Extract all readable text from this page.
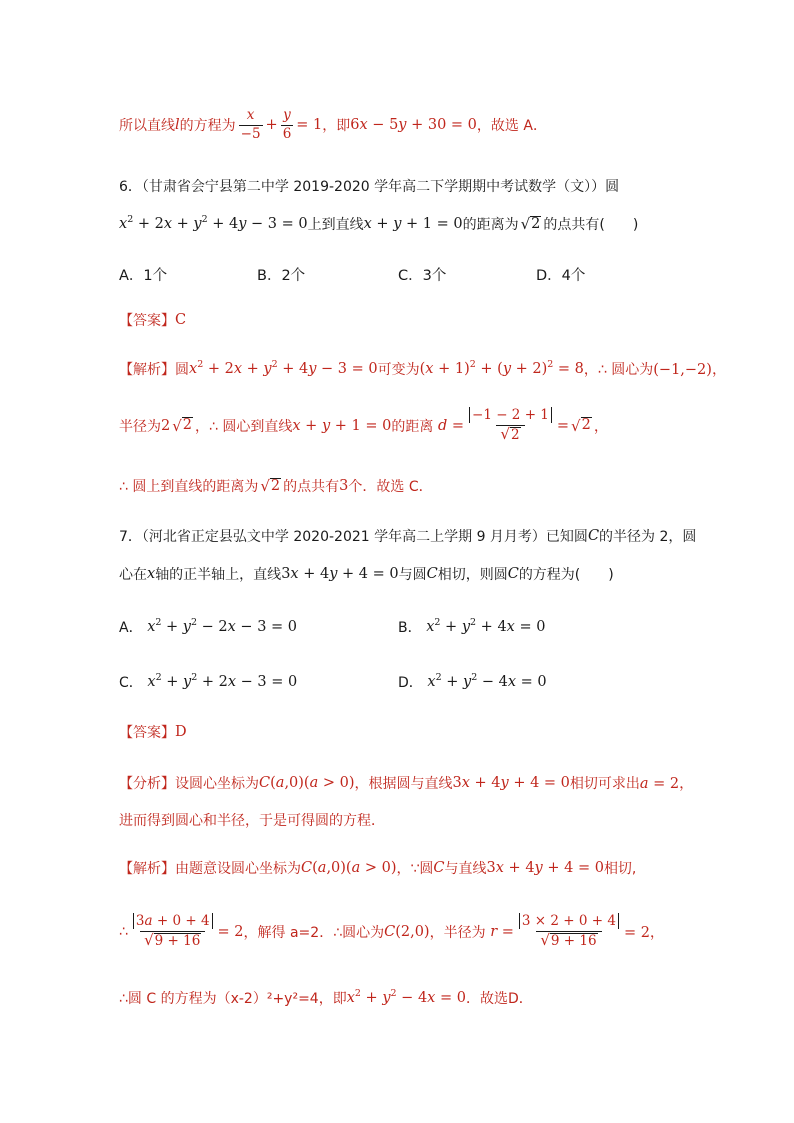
所以直线 l 的方程为 $\frac{x}{-5} + \frac{y}{6} = 1$ ，即 6x − 5y + 30 = 0 ，故选 A．
6．（甘肃省会宁县第二中学 2019-2020 学年高二下学期期中考试数学（文））圆
$x^2 + 2x + y^2 + 4y - 3 = 0$ 上到直线 x + y + 1 = 0 的距离为 √ 2 的点共有(　　)
A．1个	B．2个	C．3个	D．4个
【答案】 C
【解析】 圆 $x^2 + 2x + y^2 + 4y - 3 = 0$ 可变为 $(x + 1)^2 + (y + 2)^2 = 8$ ，∴ 圆心为 (−1,−2)，
半径为 2 √ 2 ，∴ 圆心到直线 x + y + 1 = 0 的距离 $d = \frac{-1 - 2 + 1}{√ 2}$ = √ 2 ，
∴ 圆上到直线的距离为 √ 2 的点共有 3 个．故选 C．
7．（河北省正定县弘文中学 2020-2021 学年高二上学期 9 月月考）已知圆 C 的半径为 2，圆
心在 x 轴的正半轴上，直线 3x + 4y + 4 = 0 与圆 C 相切，则圆 C 的方程为(　　)
A． $x^2 + y^2 - 2x - 3 = 0$	B． $x^2 + y^2 + 4x = 0$
C． $x^2 + y^2 + 2x - 3 = 0$	D． $x^2 + y^2 - 4x = 0$
【答案】 D
【分析】 设圆心坐标为 C(a,0)(a > 0) ，根据圆与直线 3x + 4y + 4 = 0 相切可求出 a = 2，
进而得到圆心和半径，于是可得圆的方程．
【解析】 由题意设圆心坐标为 C(a,0)(a > 0) ，∵圆 C 与直线 3x + 4y + 4 = 0 相切,
∴ $\frac{3a + 0 + 4}{√ 9 + 16} = 2$ ，解得 a=2．∴圆心为 C(2,0) ，半径为 $r = \frac{3 \times 2 + 0 + 4}{√ 9 + 16} = 2$，
∴圆 C 的方程为（x-2）²+y²=4，即 $x^2 + y^2 - 4x = 0$ ．故选D．
